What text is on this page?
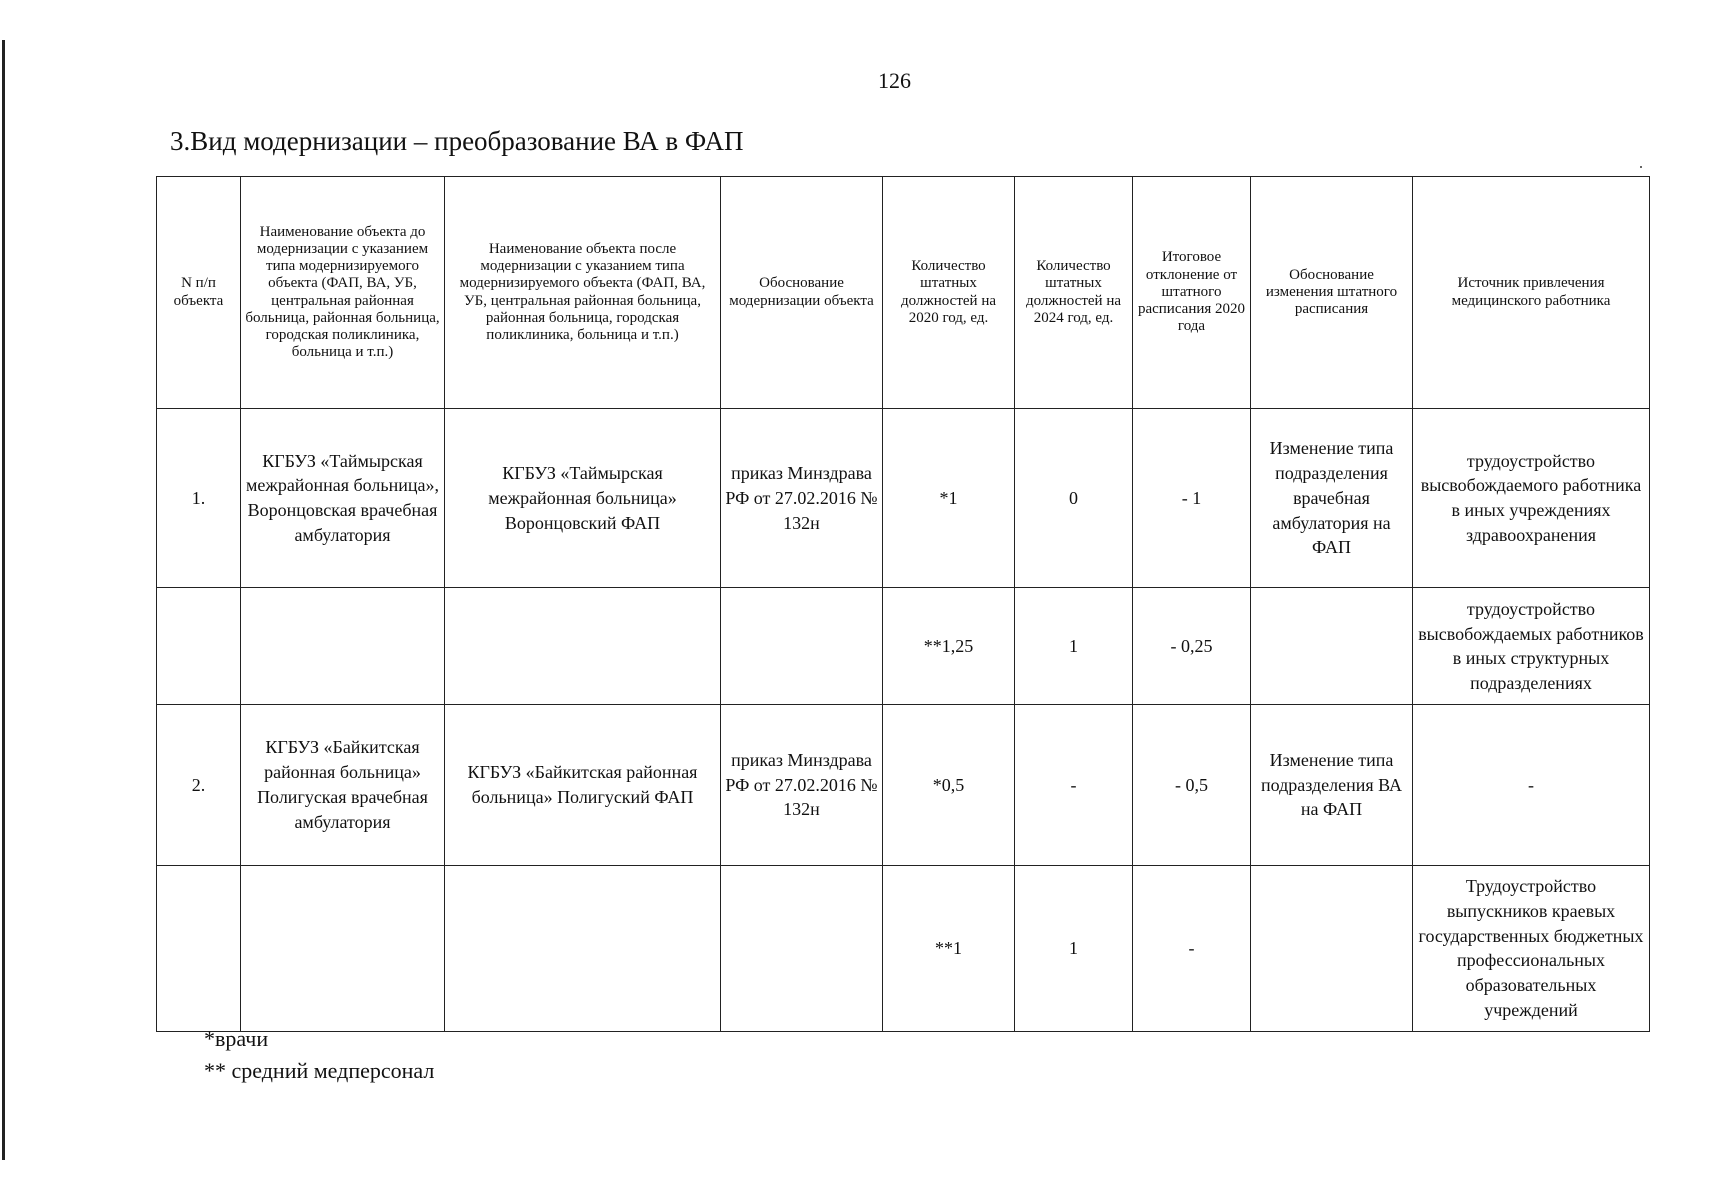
126
3.Вид модернизации – преобразование ВА в ФАП
N п/п объекта	Наименование объекта до модернизации с указанием типа модернизируемого объекта (ФАП, ВА, УБ, центральная районная больница, районная больница, городская поликлиника, больница и т.п.)	Наименование объекта после модернизации с указанием типа модернизируемого объекта (ФАП, ВА, УБ, центральная районная больница, районная больница, городская поликлиника, больница и т.п.)	Обоснование модернизации объекта	Количество штатных должностей на 2020 год, ед.	Количество штатных должностей на 2024 год, ед.	Итоговое отклонение от штатного расписания 2020 года	Обоснование изменения штатного расписания	Источник привлечения медицинского работника
1.	КГБУЗ «Таймырская межрайонная больница», Воронцовская врачебная амбулатория	КГБУЗ «Таймырская межрайонная больница» Воронцовский ФАП	приказ Минздрава РФ от 27.02.2016 № 132н	*1	0	- 1	Изменение типа подразделения врачебная амбулатория на ФАП	трудоустройство высвобождаемого работника в иных учреждениях здравоохранения
				**1,25	1	- 0,25		трудоустройство высвобождаемых работников в иных структурных подразделениях
2.	КГБУЗ «Байкитская районная больница» Полигуская врачебная амбулатория	КГБУЗ «Байкитская районная больница» Полигуский ФАП	приказ Минздрава РФ от 27.02.2016 № 132н	*0,5	-	- 0,5	Изменение типа подразделения ВА на ФАП	-
				**1	1	-		Трудоустройство выпускников краевых государственных бюджетных профессиональных образовательных учреждений
*врачи
** средний медперсонал
